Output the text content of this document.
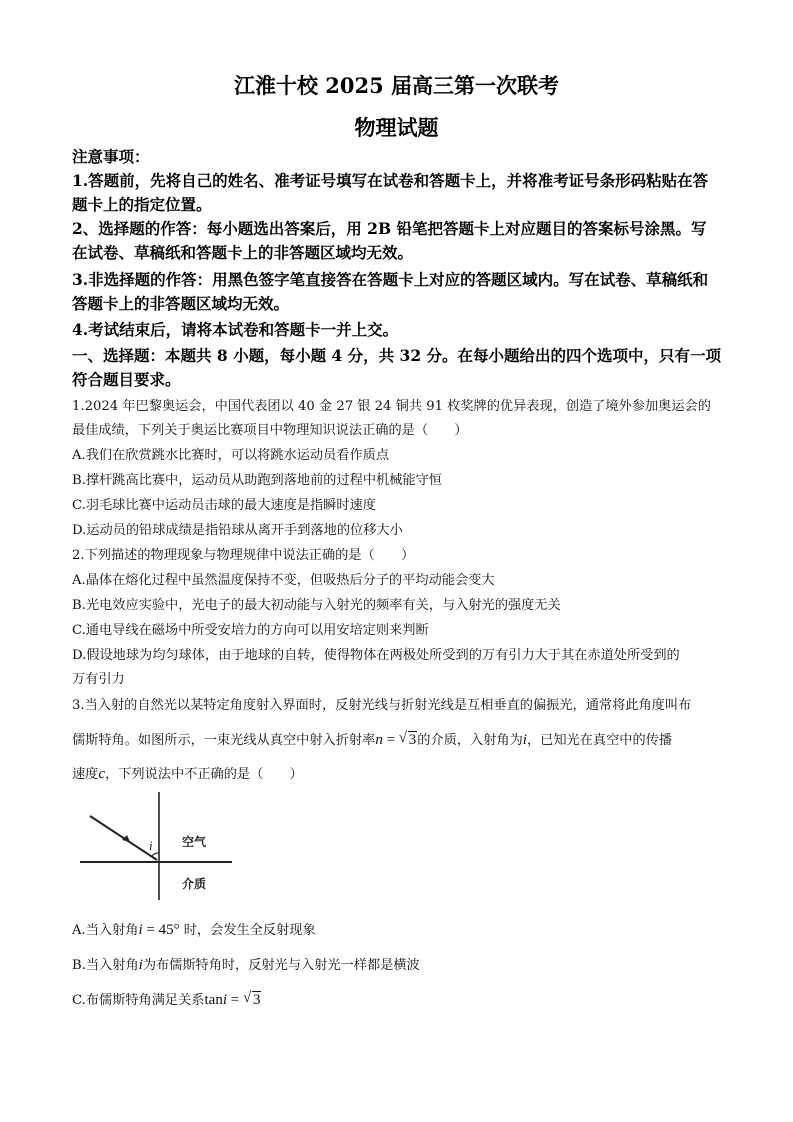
江淮十校 2025 届高三第一次联考
物理试题

注意事项：

1.答题前，先将自己的姓名、准考证号填写在试卷和答题卡上，并将准考证号条形码粘贴在答

题卡上的指定位置。

2、选择题的作答：每小题选出答案后，用 2B 铅笔把答题卡上对应题目的答案标号涂黑。写

在试卷、草稿纸和答题卡上的非答题区域均无效。

3.非选择题的作答：用黑色签字笔直接答在答题卡上对应的答题区域内。写在试卷、草稿纸和

答题卡上的非答题区域均无效。

4.考试结束后，请将本试卷和答题卡一并上交。

一、选择题：本题共 8 小题，每小题 4 分，共 32 分。在每小题给出的四个选项中，只有一项

符合题目要求。

1.2024 年巴黎奥运会，中国代表团以 40 金 27 银 24 铜共 91 枚奖牌的优异表现，创造了境外参加奥运会的

最佳成绩，下列关于奥运比赛项目中物理知识说法正确的是（　　）

A.我们在欣赏跳水比赛时，可以将跳水运动员看作质点

B.撑杆跳高比赛中，运动员从助跑到落地前的过程中机械能守恒

C.羽毛球比赛中运动员击球的最大速度是指瞬时速度

D.运动员的铅球成绩是指铅球从离开手到落地的位移大小

2.下列描述的物理现象与物理规律中说法正确的是（　　）

A.晶体在熔化过程中虽然温度保持不变，但吸热后分子的平均动能会变大

B.光电效应实验中，光电子的最大初动能与入射光的频率有关，与入射光的强度无关

C.通电导线在磁场中所受安培力的方向可以用安培定则来判断

D.假设地球为均匀球体，由于地球的自转，使得物体在两极处所受到的万有引力大于其在赤道处所受到的

万有引力

3.当入射的自然光以某特定角度射入界面时，反射光线与折射光线是互相垂直的偏振光，通常将此角度叫布

儒斯特角。如图所示，一束光线从真空中射入折射率n = √ 3的介质，入射角为i，已知光在真空中的传播

速度c，下列说法中不正确的是（　　）

i 空气
介质

A.当入射角i = 45° 时，会发生全反射现象

B.当入射角i为布儒斯特角时，反射光与入射光一样都是横波

C.布儒斯特角满足关系tani = √ 3
